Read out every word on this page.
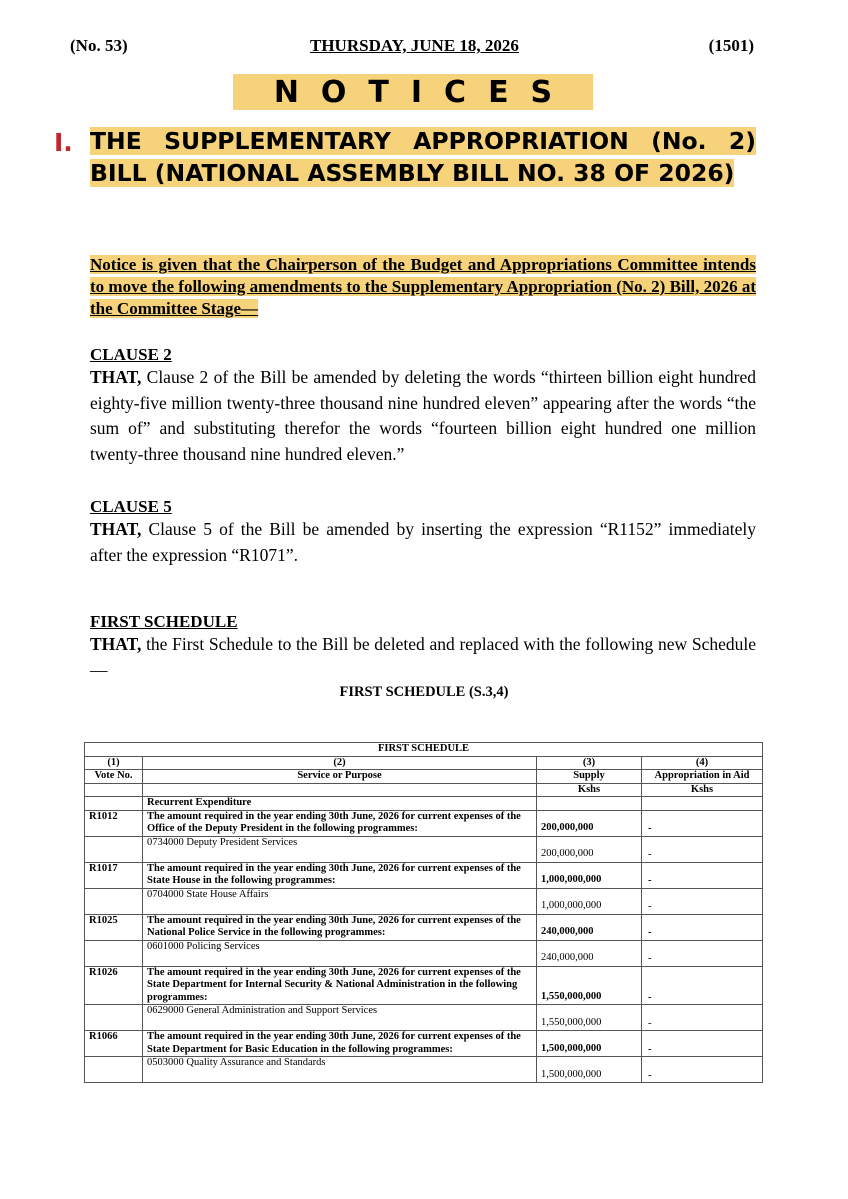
(No. 53)	THURSDAY, JUNE 18, 2026	(1501)
NOTICES
I. THE SUPPLEMENTARY APPROPRIATION (No. 2) BILL (NATIONAL ASSEMBLY BILL NO. 38 OF 2026)
Notice is given that the Chairperson of the Budget and Appropriations Committee intends to move the following amendments to the Supplementary Appropriation (No. 2) Bill, 2026 at the Committee Stage—
CLAUSE 2
THAT, Clause 2 of the Bill be amended by deleting the words “thirteen billion eight hundred eighty-five million twenty-three thousand nine hundred eleven” appearing after the words “the sum of” and substituting therefor the words “fourteen billion eight hundred one million twenty-three thousand nine hundred eleven.”
CLAUSE 5
THAT, Clause 5 of the Bill be amended by inserting the expression “R1152” immediately after the expression “R1071”.
FIRST SCHEDULE
THAT, the First Schedule to the Bill be deleted and replaced with the following new Schedule—
FIRST SCHEDULE (S.3,4)
FIRST SCHEDULE			
(1)	(2)	(3)	(4)
Vote No.	Service or Purpose	Supply	Appropriation in Aid
		Kshs	Kshs
	Recurrent Expenditure		
R1012	The amount required in the year ending 30th June, 2026 for current expenses of the Office of the Deputy President in the following programmes:	200,000,000	-
	0734000 Deputy President Services	200,000,000	-
R1017	The amount required in the year ending 30th June, 2026 for current expenses of the State House in the following programmes:	1,000,000,000	-
	0704000 State House Affairs	1,000,000,000	-
R1025	The amount required in the year ending 30th June, 2026 for current expenses of the National Police Service in the following programmes:	240,000,000	-
	0601000 Policing Services	240,000,000	-
R1026	The amount required in the year ending 30th June, 2026 for current expenses of the State Department for Internal Security & National Administration in the following programmes:	1,550,000,000	-
	0629000 General Administration and Support Services	1,550,000,000	-
R1066	The amount required in the year ending 30th June, 2026 for current expenses of the State Department for Basic Education in the following programmes:	1,500,000,000	-
	0503000 Quality Assurance and Standards	1,500,000,000	-
